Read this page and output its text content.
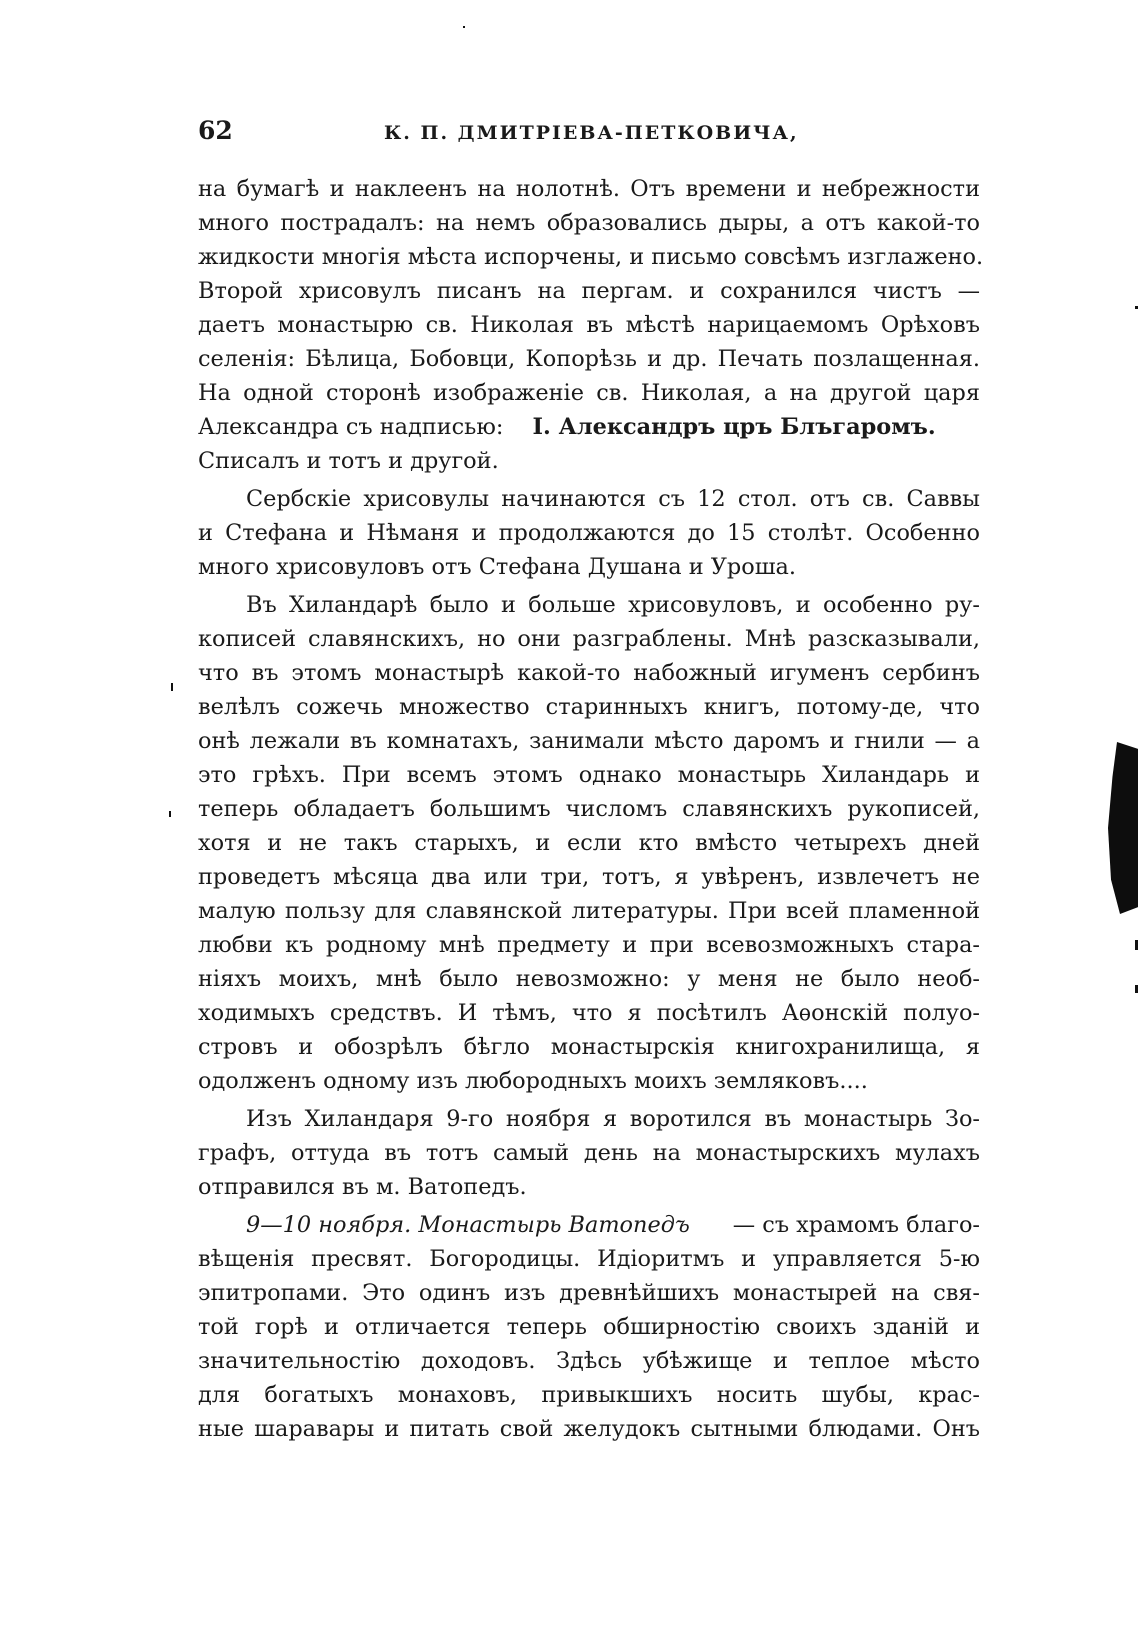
62	К. П. ДМИТРІЕВА-ПЕТКОВИЧА,
на бумагѣ и наклеенъ на нолотнѣ. Отъ времени и небрежности
много пострадалъ: на немъ образовались дыры, а отъ какой-то
жидкости многія мѣста испорчены, и письмо совсѣмъ изглажено.
Второй хрисовулъ писанъ на пергам. и сохранился чистъ —
даетъ монастырю св. Николая въ мѣстѣ нарицаемомъ Орѣховъ
селенія: Бѣлица, Бобовци, Копорѣзь и др. Печать позлащенная.
На одной сторонѣ изображеніе св. Николая, а на другой царя
Александра съ надписью: І. Александръ цръ Блъгаромъ.
Списалъ и тотъ и другой.
Сербскіе хрисовулы начинаются съ 12 стол. отъ св. Саввы
и Стефана и Нѣманя и продолжаются до 15 столѣт. Особенно
много хрисовуловъ отъ Стефана Душана и Уроша.
Въ Хиландарѣ было и больше хрисовуловъ, и особенно ру-
кописей славянскихъ, но они разграблены. Мнѣ разсказывали,
что въ этомъ монастырѣ какой-то набожный игуменъ сербинъ
велѣлъ сожечь множество старинныхъ книгъ, потому-де, что
онѣ лежали въ комнатахъ, занимали мѣсто даромъ и гнили — а
это грѣхъ. При всемъ этомъ однако монастырь Хиландарь и
теперь обладаетъ большимъ числомъ славянскихъ рукописей,
хотя и не такъ старыхъ, и если кто вмѣсто четырехъ дней
проведетъ мѣсяца два или три, тотъ, я увѣренъ, извлечетъ не
малую пользу для славянской литературы. При всей пламенной
любви къ родному мнѣ предмету и при всевозможныхъ стара-
ніяхъ моихъ, мнѣ было невозможно: у меня не было необ-
ходимыхъ средствъ. И тѣмъ, что я посѣтилъ Аѳонскій полуо-
стровъ и обозрѣлъ бѣгло монастырскія книгохранилища, я
одолженъ одному изъ любородныхъ моихъ земляковъ....
Изъ Хиландаря 9-го ноября я воротился въ монастырь Зо-
графъ, оттуда въ тотъ самый день на монастырскихъ мулахъ
отправился въ м. Ватопедъ.
9—10 ноября. Монастырь Ватопедъ — съ храмомъ благо-
вѣщенія пресвят. Богородицы. Идіоритмъ и управляется 5-ю
эпитропами. Это одинъ изъ древнѣйшихъ монастырей на свя-
той горѣ и отличается теперь обширностію своихъ зданій и
значительностію доходовъ. Здѣсь убѣжище и теплое мѣсто
для богатыхъ монаховъ, привыкшихъ носить шубы, крас-
ные шаравары и питать свой желудокъ сытными блюдами. Онъ
